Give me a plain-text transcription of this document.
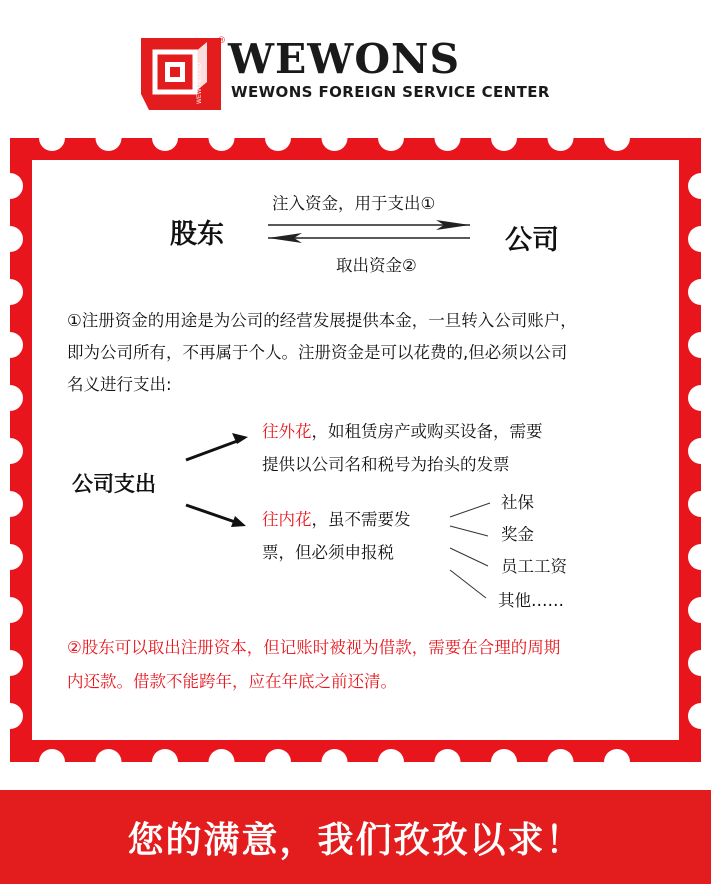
WEWONSTRD
® WEWONS
WEWONS FOREIGN SERVICE CENTER
股东	公司
注入资金，用于支出①
取出资金②
①注册资金的用途是为公司的经营发展提供本金，一旦转入公司账户，
即为公司所有，不再属于个人。注册资金是可以花费的,但必须以公司
名义进行支出:
公司支出
往外花，如租赁房产或购买设备，需要
提供以公司名和税号为抬头的发票
往内花，虽不需要发
票，但必须申报税
社保
奖金
员工工资
其他……
②股东可以取出注册资本，但记账时被视为借款，需要在合理的周期
内还款。借款不能跨年，应在年底之前还清。
您的满意，我们孜孜以求！
